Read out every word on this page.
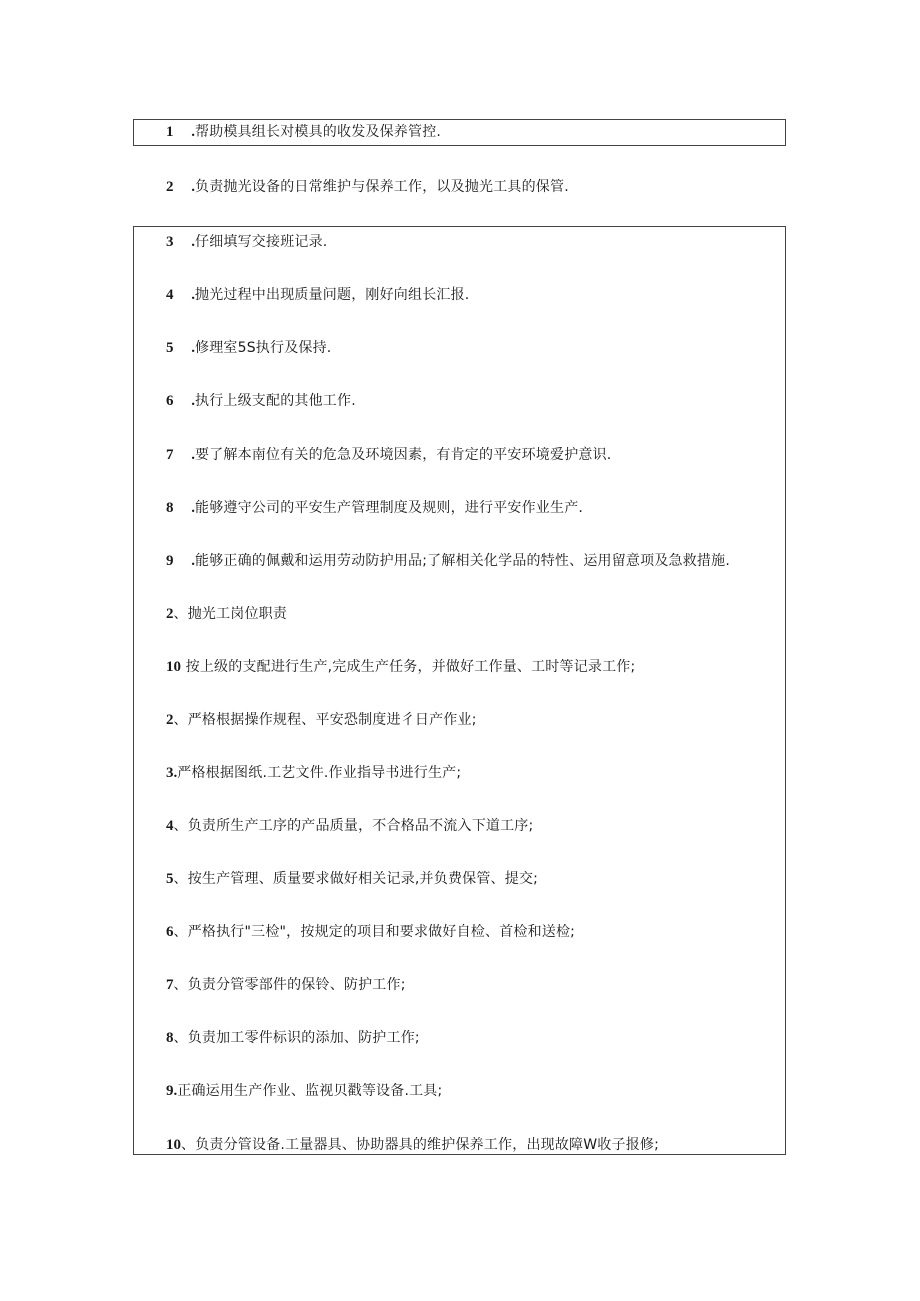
1 .帮助模具组长对模具的收发及保养管控.
2 .负责抛光设备的日常维护与保养工作，以及抛光工具的保管.
3 .仔细填写交接班记录.
4 .抛光过程中出现质量问题，刚好向组长汇报.
5 .修理室5S执行及保持.
6 .执行上级支配的其他工作.
7 .要了解本南位有关的危急及环境因素，有肯定的平安环境爱护意识.
8 .能够遵守公司的平安生产管理制度及规则，进行平安作业生产.
9 .能够正确的佩戴和运用劳动防护用品;了解相关化学品的特性、运用留意项及急救措施.
2、抛光工岗位职责
10 按上级的支配进行生产,完成生产任务，并做好工作量、工时等记录工作;
2、严格根据操作规程、平安恐制度进彳日产作业;
3.严格根据图纸.工艺文件.作业指导书进行生产;
4、负责所生产工序的产品质量，不合格品不流入下道工序;
5、按生产管理、质量要求做好相关记录,并负费保管、提交;
6、严格执行"三检"，按规定的项目和要求做好自检、首检和送检;
7、负责分管零部件的保铃、防护工作;
8、负责加工零件标识的添加、防护工作;
9.正确运用生产作业、监视贝戳等设备.工具;
10、负责分管设备.工量器具、协助器具的维护保养工作，出现故障W收子报修;
